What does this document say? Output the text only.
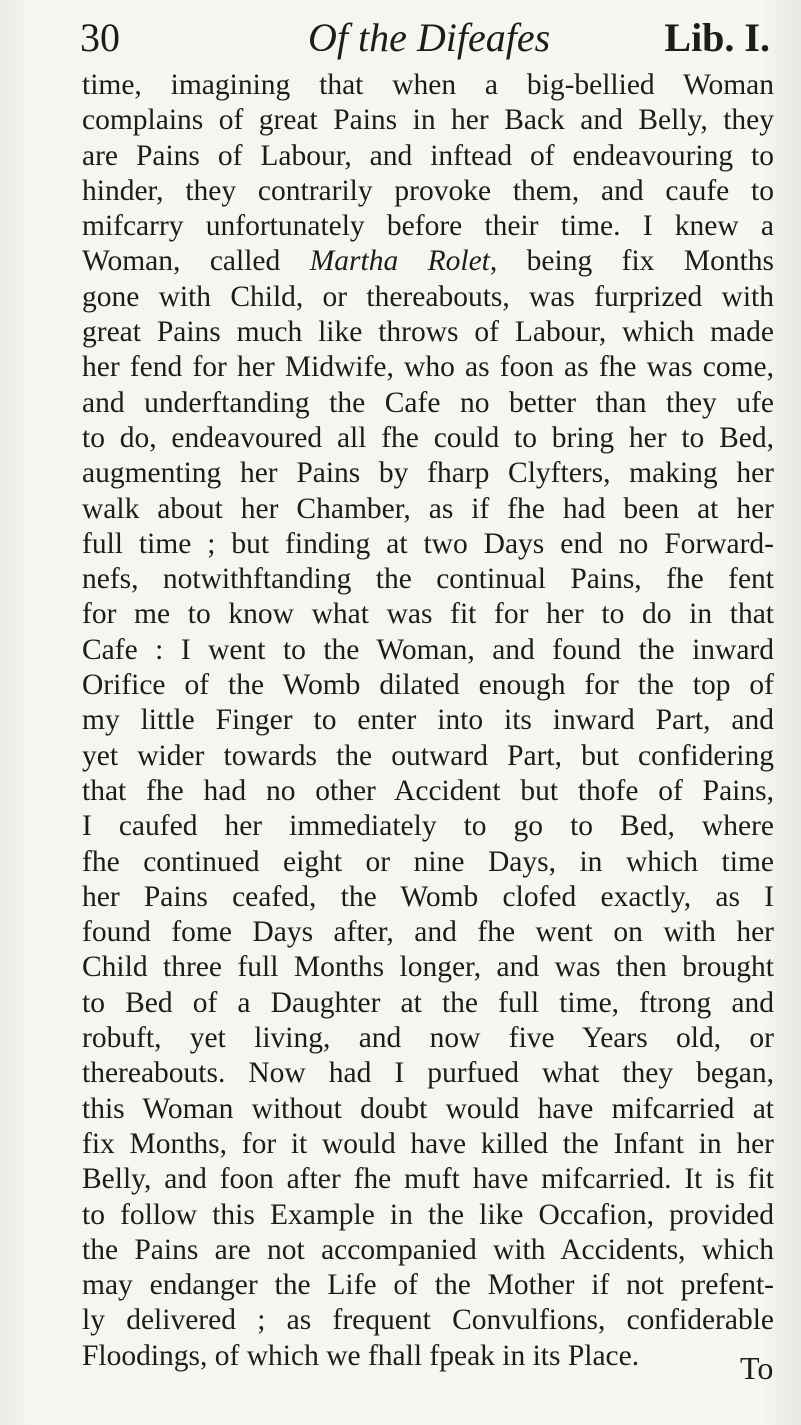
30	Of the Difeafes	Lib. I.
time, imagining that when a big-bellied Woman
complains of great Pains in her Back and Belly, they
are Pains of Labour, and inftead of endeavouring to
hinder, they contrarily provoke them, and caufe to
mifcarry unfortunately before their time. I knew a
Woman, called Martha Rolet, being fix Months
gone with Child, or thereabouts, was furprized with
great Pains much like throws of Labour, which made
her fend for her Midwife, who as foon as fhe was come,
and underftanding the Cafe no better than they ufe
to do, endeavoured all fhe could to bring her to Bed,
augmenting her Pains by fharp Clyfters, making her
walk about her Chamber, as if fhe had been at her
full time ; but finding at two Days end no Forward-
nefs, notwithftanding the continual Pains, fhe fent
for me to know what was fit for her to do in that
Cafe : I went to the Woman, and found the inward
Orifice of the Womb dilated enough for the top of
my little Finger to enter into its inward Part, and
yet wider towards the outward Part, but confidering
that fhe had no other Accident but thofe of Pains,
I caufed her immediately to go to Bed, where
fhe continued eight or nine Days, in which time
her Pains ceafed, the Womb clofed exactly, as I
found fome Days after, and fhe went on with her
Child three full Months longer, and was then brought
to Bed of a Daughter at the full time, ftrong and
robuft, yet living, and now five Years old, or
thereabouts. Now had I purfued what they began,
this Woman without doubt would have mifcarried at
fix Months, for it would have killed the Infant in her
Belly, and foon after fhe muft have mifcarried. It is fit
to follow this Example in the like Occafion, provided
the Pains are not accompanied with Accidents, which
may endanger the Life of the Mother if not prefent-
ly delivered ; as frequent Convulfions, confiderable
Floodings, of which we fhall fpeak in its Place.	To
